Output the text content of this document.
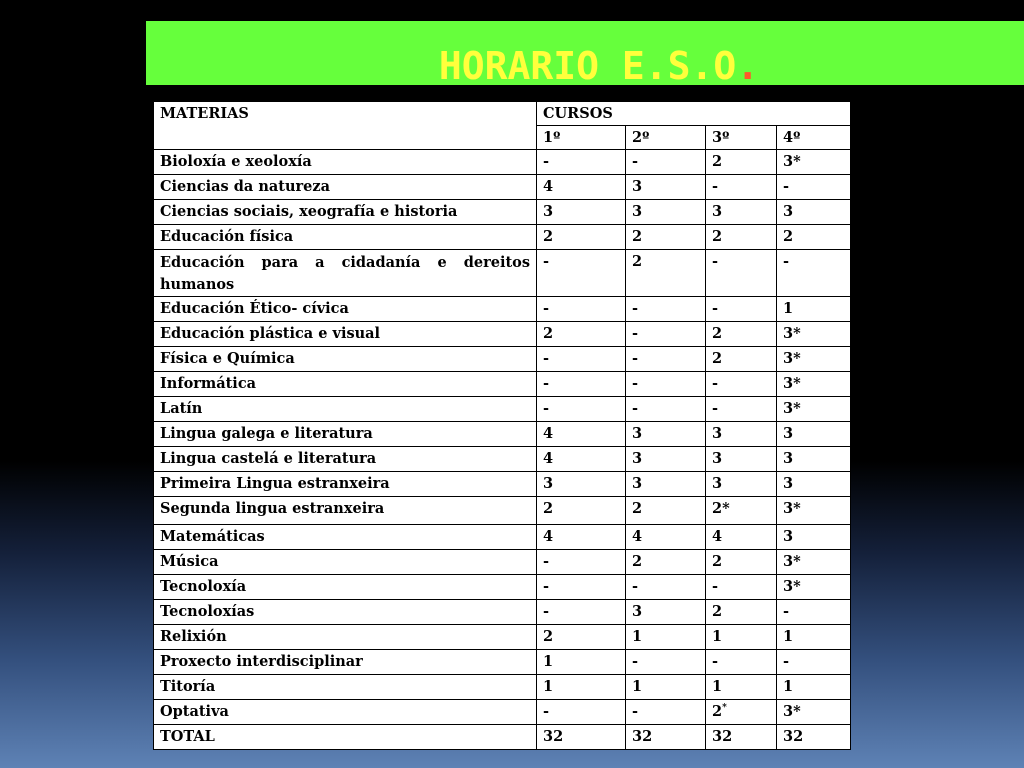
HORARIO E.S.O.
MATERIAS	CURSOS			
	1º	2º	3º	4º
Bioloxía e xeoloxía	-	-	2	3*
Ciencias da natureza	4	3	-	-
Ciencias sociais, xeografía e historia	3	3	3	3
Educación física	2	2	2	2
Educación para a cidadanía e dereitos humanos	-	2	-	-
Educación Ético- cívica	-	-	-	1
Educación plástica e visual	2	-	2	3*
Física e Química	-	-	2	3*
Informática	-	-	-	3*
Latín	-	-	-	3*
Lingua galega e literatura	4	3	3	3
Lingua castelá e literatura	4	3	3	3
Primeira Lingua estranxeira	3	3	3	3
Segunda lingua estranxeira	2	2	2*	3*
Matemáticas	4	4	4	3
Música	-	2	2	3*
Tecnoloxía	-	-	-	3*
Tecnoloxías	-	3	2	-
Relixión	2	1	1	1
Proxecto interdisciplinar	1	-	-	-
Titoría	1	1	1	1
Optativa	-	-	2*	3*
TOTAL	32	32	32	32
